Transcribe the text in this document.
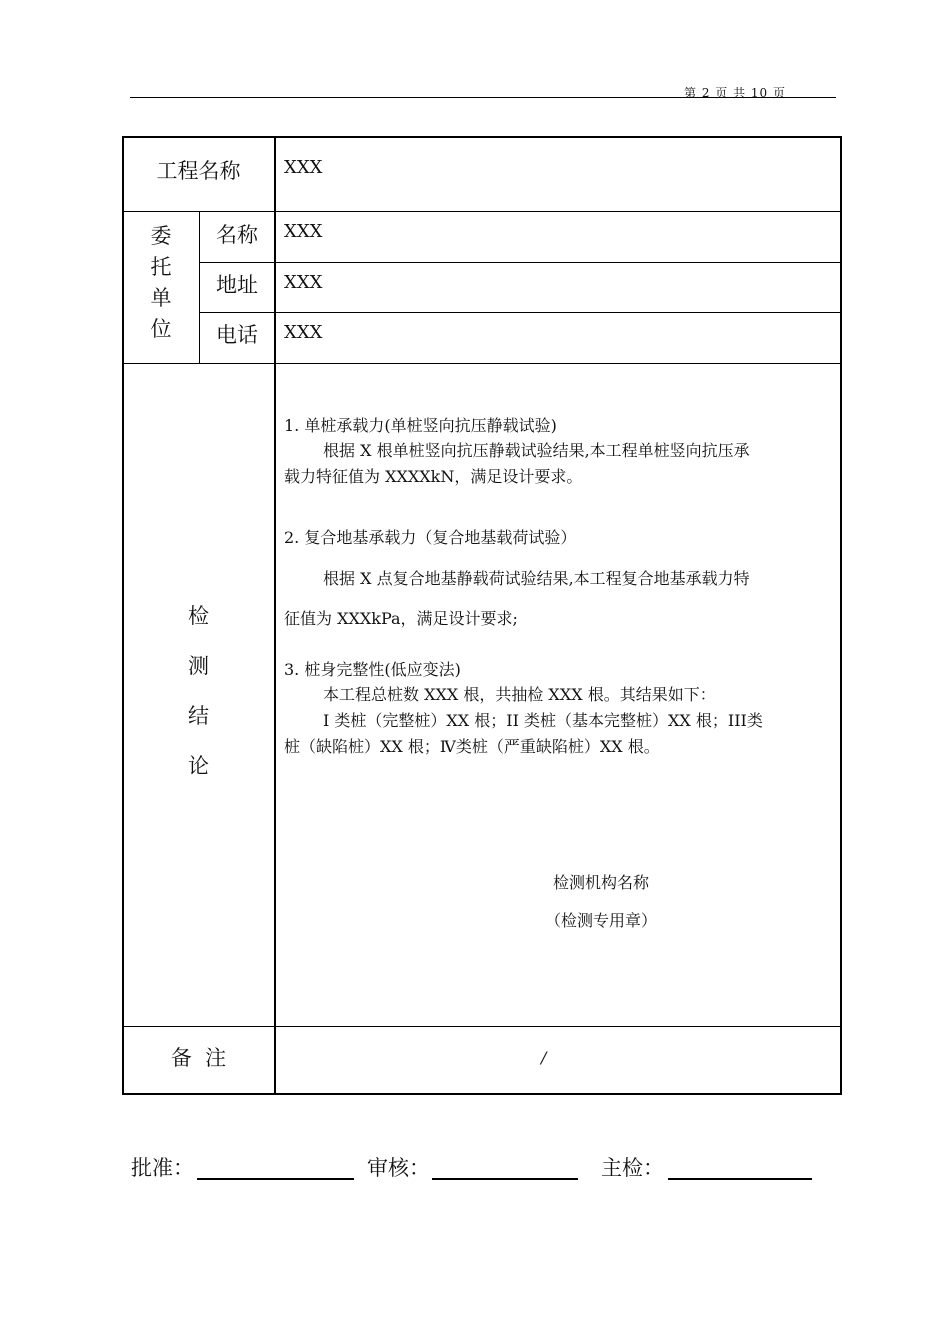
第 2 页 共 10 页
工程名称	XXX
委
托
单
位
名称	XXX
地址	XXX
电话	XXX
检
测
结
论
1. 单桩承载力(单桩竖向抗压静载试验)
根据 X 根单桩竖向抗压静载试验结果,本工程单桩竖向抗压承
载力特征值为 XXXXkN，满足设计要求。
2. 复合地基承载力（复合地基载荷试验）
根据 X 点复合地基静载荷试验结果,本工程复合地基承载力特
征值为 XXXkPa，满足设计要求;
3. 桩身完整性(低应变法)
本工程总桩数 XXX 根，共抽检 XXX 根。其结果如下：
I 类桩（完整桩）XX 根；II 类桩（基本完整桩）XX 根；III类
桩（缺陷桩）XX 根；Ⅳ类桩（严重缺陷桩）XX 根。
检测机构名称
（检测专用章）
备  注	/
批准：	审核：	主检：
